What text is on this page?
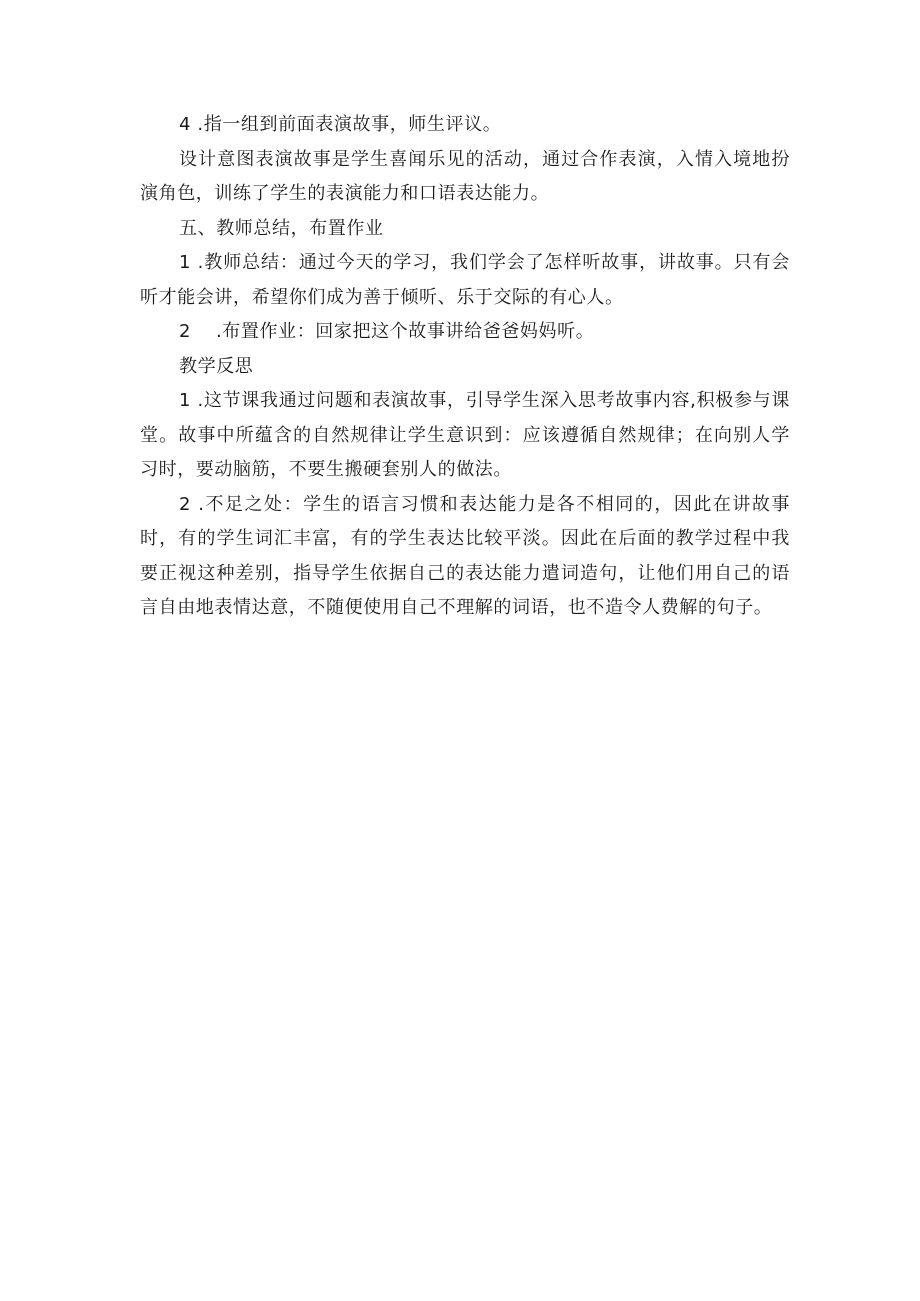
4 .指一组到前面表演故事，师生评议。

设计意图表演故事是学生喜闻乐见的活动，通过合作表演，入情入境地扮演角色，训练了学生的表演能力和口语表达能力。

五、教师总结，布置作业

1 .教师总结：通过今天的学习，我们学会了怎样听故事，讲故事。只有会听才能会讲，希望你们成为善于倾听、乐于交际的有心人。

2 　.布置作业：回家把这个故事讲给爸爸妈妈听。

教学反思

1 .这节课我通过问题和表演故事，引导学生深入思考故事内容,积极参与课堂。故事中所蕴含的自然规律让学生意识到：应该遵循自然规律；在向别人学习时，要动脑筋，不要生搬硬套别人的做法。

2 .不足之处：学生的语言习惯和表达能力是各不相同的，因此在讲故事时，有的学生词汇丰富，有的学生表达比较平淡。因此在后面的教学过程中我要正视这种差别，指导学生依据自己的表达能力遣词造句，让他们用自己的语言自由地表情达意，不随便使用自己不理解的词语，也不造令人费解的句子。
